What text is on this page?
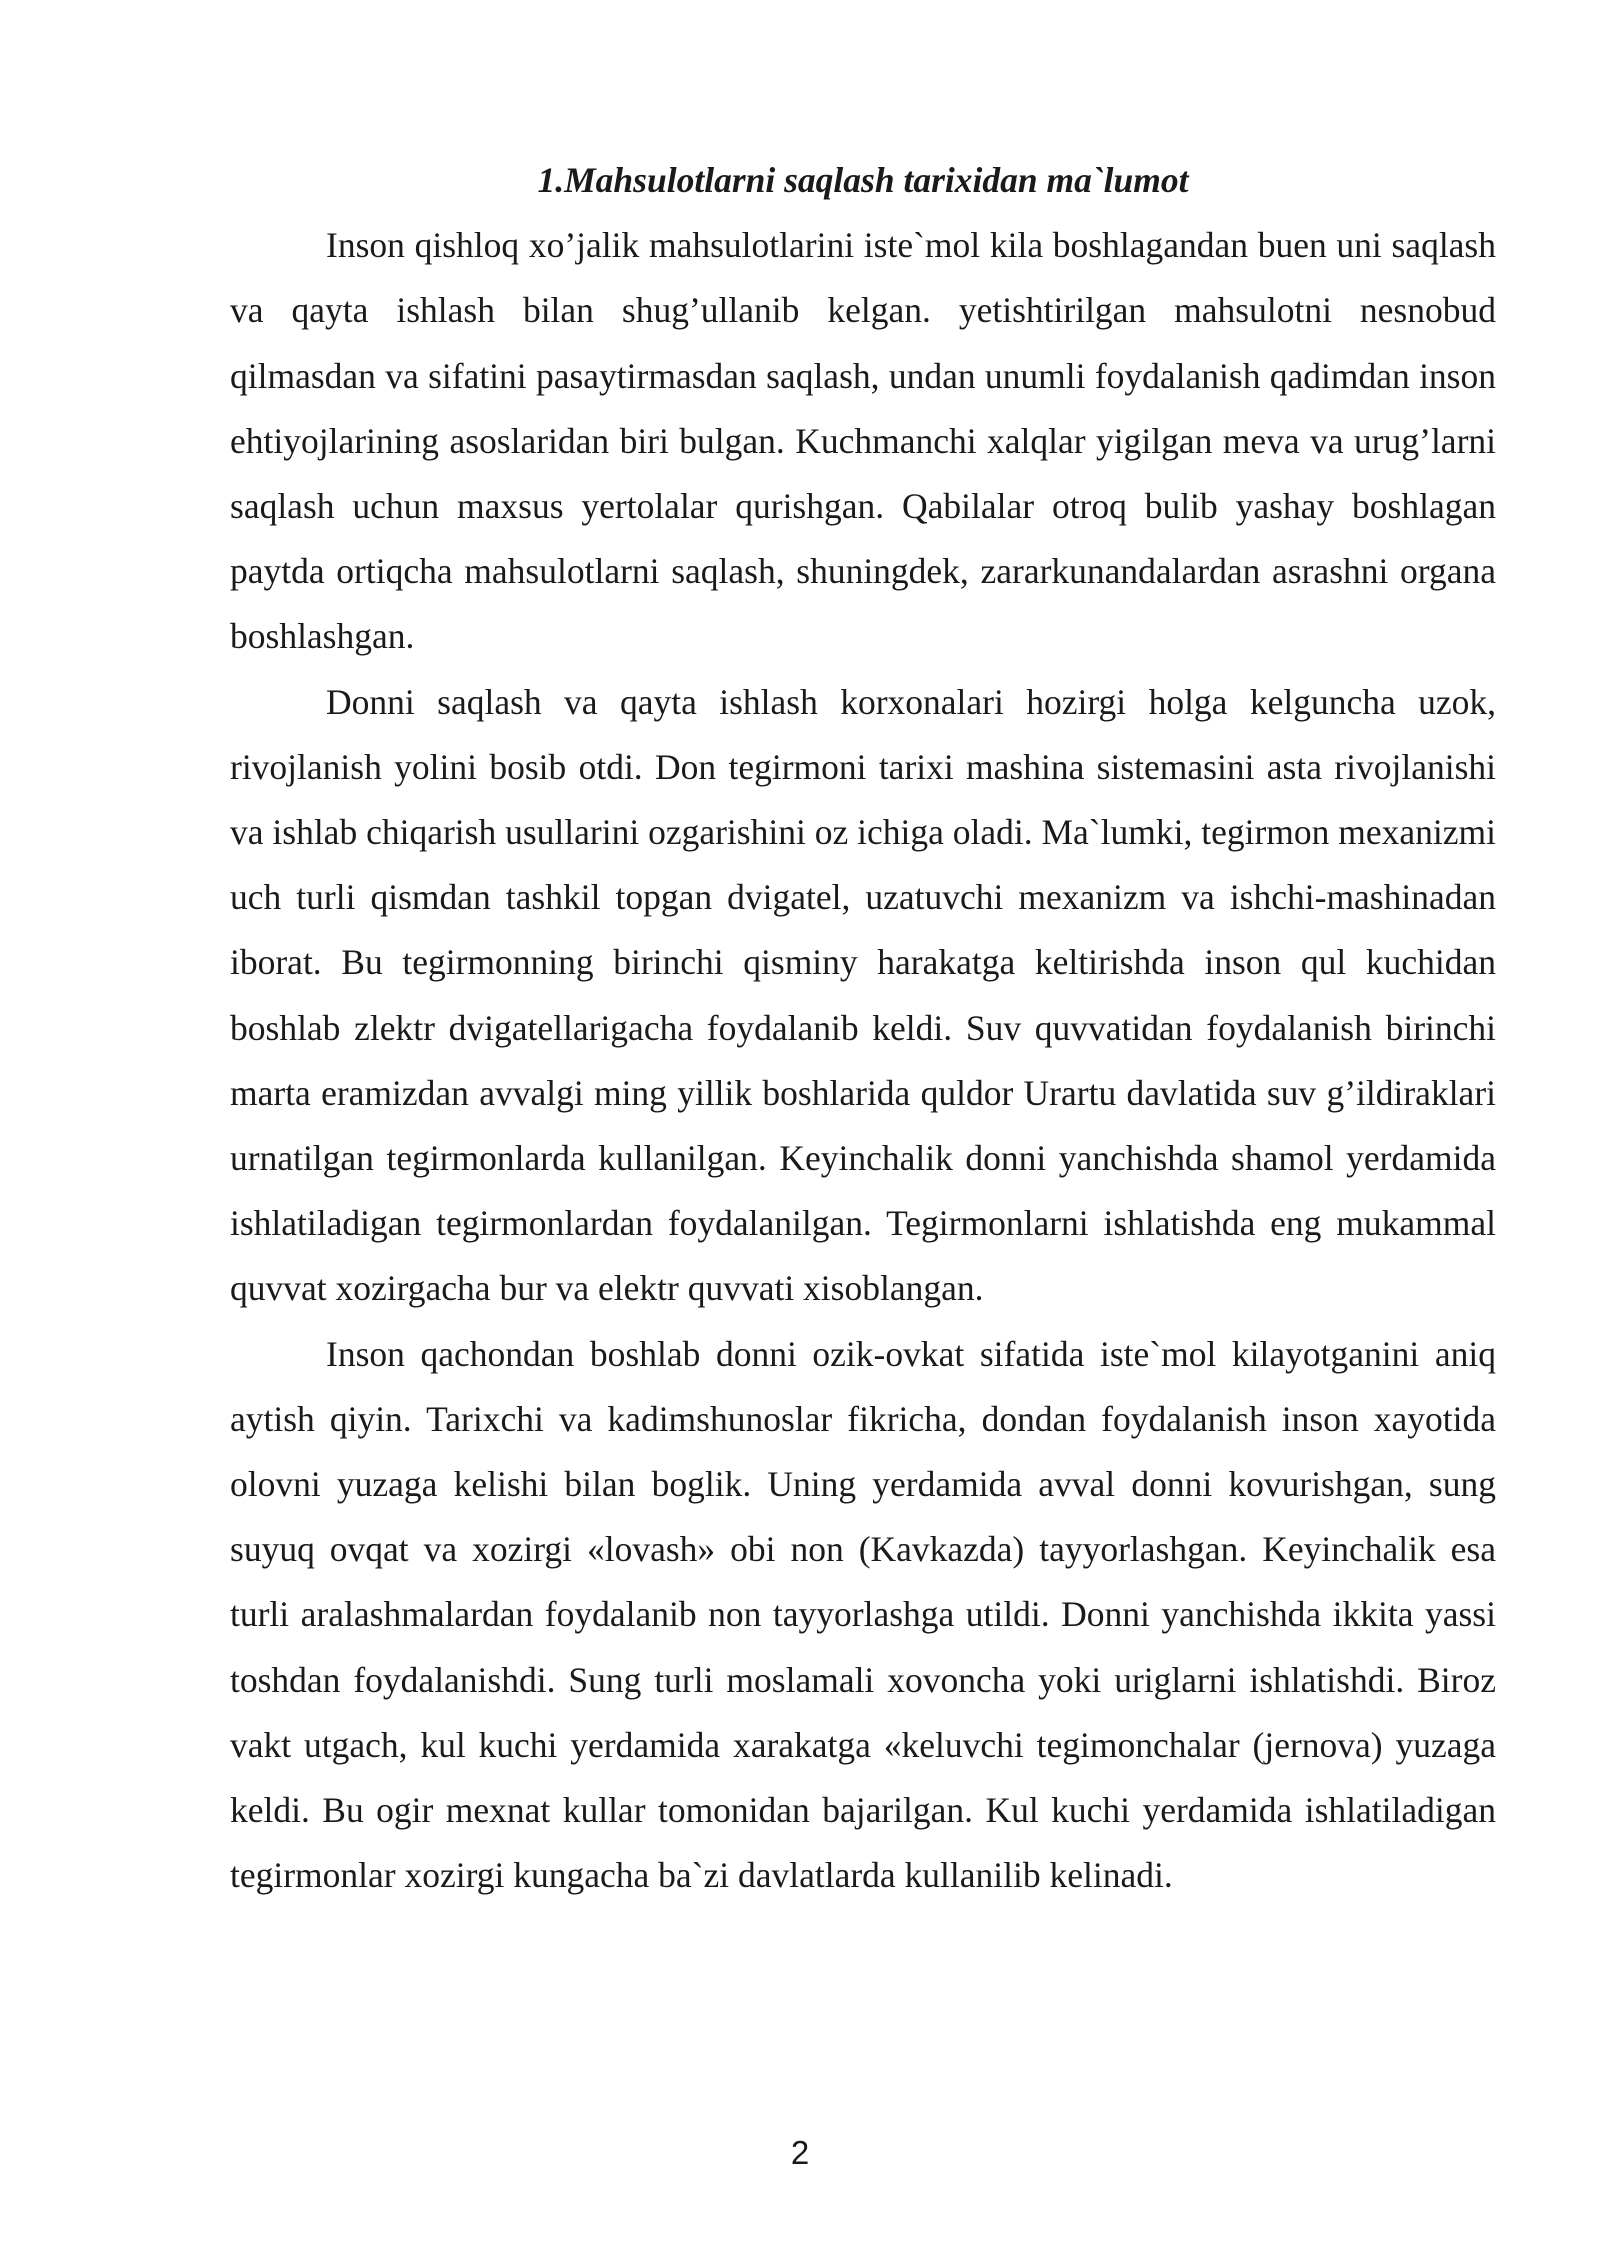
1.Mahsulotlarni saqlash tarixidan ma`lumot

Inson qishloq xo’jalik mahsulotlarini iste`mol kila boshlagandan buen uni saqlash va qayta ishlash bilan shug’ullanib kelgan. yetishtirilgan mahsulotni nesnobud qilmasdan va sifatini pasaytirmasdan saqlash, undan unumli foydalanish qadimdan inson ehtiyojlarining asoslaridan biri bulgan. Kuchmanchi xalqlar yigilgan meva va urug’larni saqlash uchun maxsus yertolalar qurishgan. Qabilalar otroq bulib yashay boshlagan paytda ortiqcha mahsulotlarni saqlash, shuningdek, zararkunandalardan asrashni organa boshlashgan.

Donni saqlash va qayta ishlash korxonalari hozirgi holga kelguncha uzok, rivojlanish yolini bosib otdi. Don tegirmoni tarixi mashina sistemasini asta rivojlanishi va ishlab chiqarish usullarini ozgarishini oz ichiga oladi. Ma`lumki, tegirmon mexanizmi uch turli qismdan tashkil topgan dvigatel, uzatuvchi mexanizm va ishchi-mashinadan iborat. Bu tegirmonning birinchi qisminy harakatga keltirishda inson qul kuchidan boshlab zlektr dvigatellarigacha foydalanib keldi. Suv quvvatidan foydalanish birinchi marta eramizdan avvalgi ming yillik boshlarida quldor Urartu davlatida suv g’ildiraklari urnatilgan tegirmonlarda kullanilgan. Keyinchalik donni yanchishda shamol yerdamida ishlatiladigan tegirmonlardan foydalanilgan. Tegirmonlarni ishlatishda eng mukammal quvvat xozirgacha bur va elektr quvvati xisoblangan.

Inson qachondan boshlab donni ozik-ovkat sifatida iste`mol kilayotganini aniq aytish qiyin. Tarixchi va kadimshunoslar fikricha, dondan foydalanish inson xayotida olovni yuzaga kelishi bilan boglik. Uning yerdamida avval donni kovurishgan, sung suyuq ovqat va xozirgi «lovash» obi non (Kavkazda) tayyorlashgan. Keyinchalik esa turli aralashmalardan foydalanib non tayyorlashga utildi. Donni yanchishda ikkita yassi toshdan foydalanishdi. Sung turli moslamali xovoncha yoki uriglarni ishlatishdi. Biroz vakt utgach, kul kuchi yerdamida xarakatga «keluvchi tegimonchalar (jernova) yuzaga keldi. Bu ogir mexnat kullar tomonidan bajarilgan. Kul kuchi yerdamida ishlatiladigan tegirmonlar xozirgi kungacha ba`zi davlatlarda kullanilib kelinadi.

2
